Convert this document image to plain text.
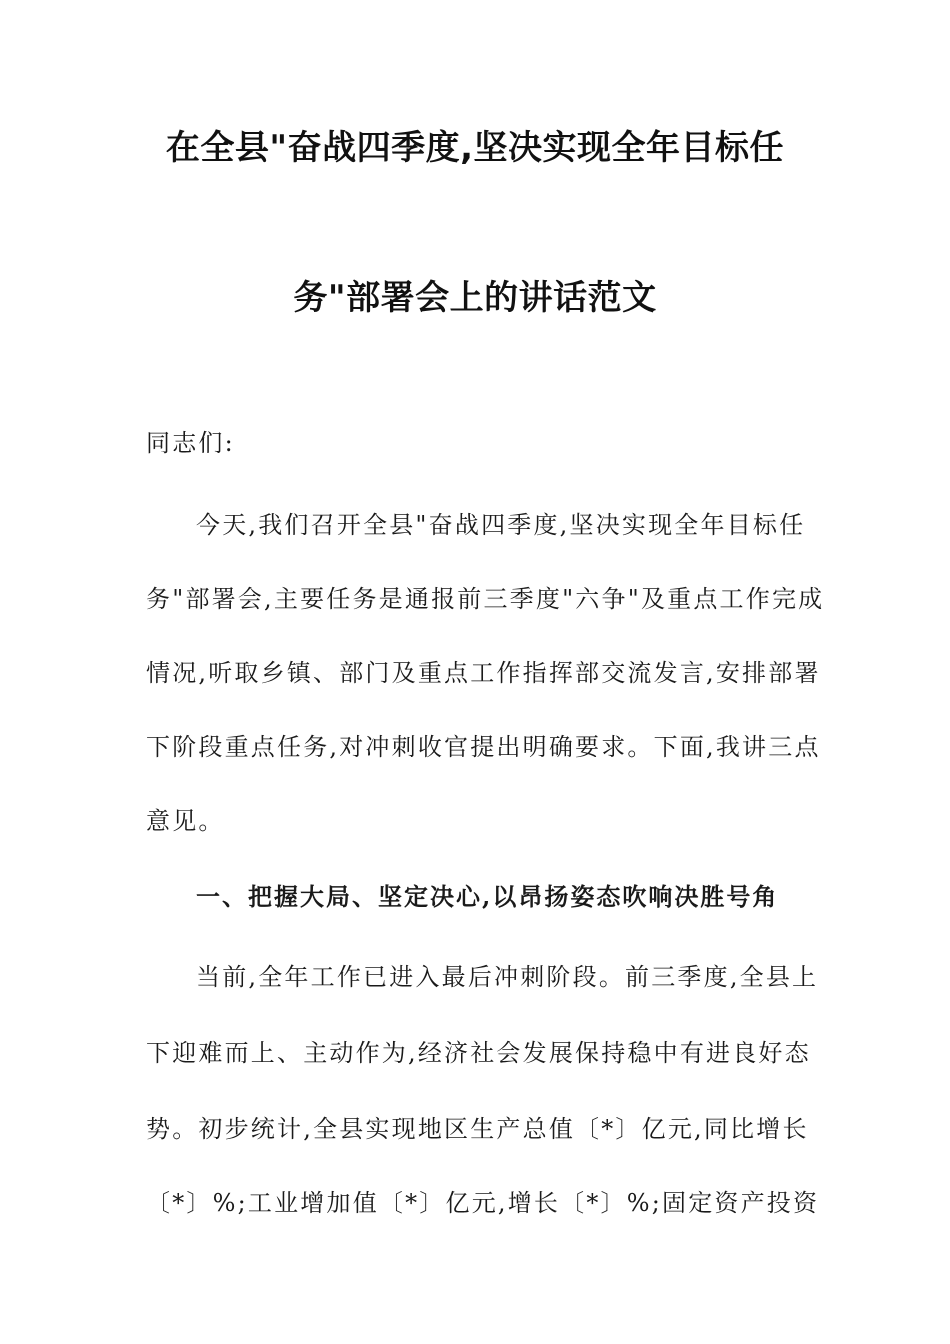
在全县"奋战四季度,坚决实现全年目标任
务"部署会上的讲话范文
同志们:
今天,我们召开全县"奋战四季度,坚决实现全年目标任
务"部署会,主要任务是通报前三季度"六争"及重点工作完成
情况,听取乡镇、部门及重点工作指挥部交流发言,安排部署
下阶段重点任务,对冲刺收官提出明确要求。下面,我讲三点
意见。
一、把握大局、坚定决心,以昂扬姿态吹响决胜号角
当前,全年工作已进入最后冲刺阶段。前三季度,全县上
下迎难而上、主动作为,经济社会发展保持稳中有进良好态
势。初步统计,全县实现地区生产总值〔*〕亿元,同比增长
〔*〕%;工业增加值〔*〕亿元,增长〔*〕%;固定资产投资
